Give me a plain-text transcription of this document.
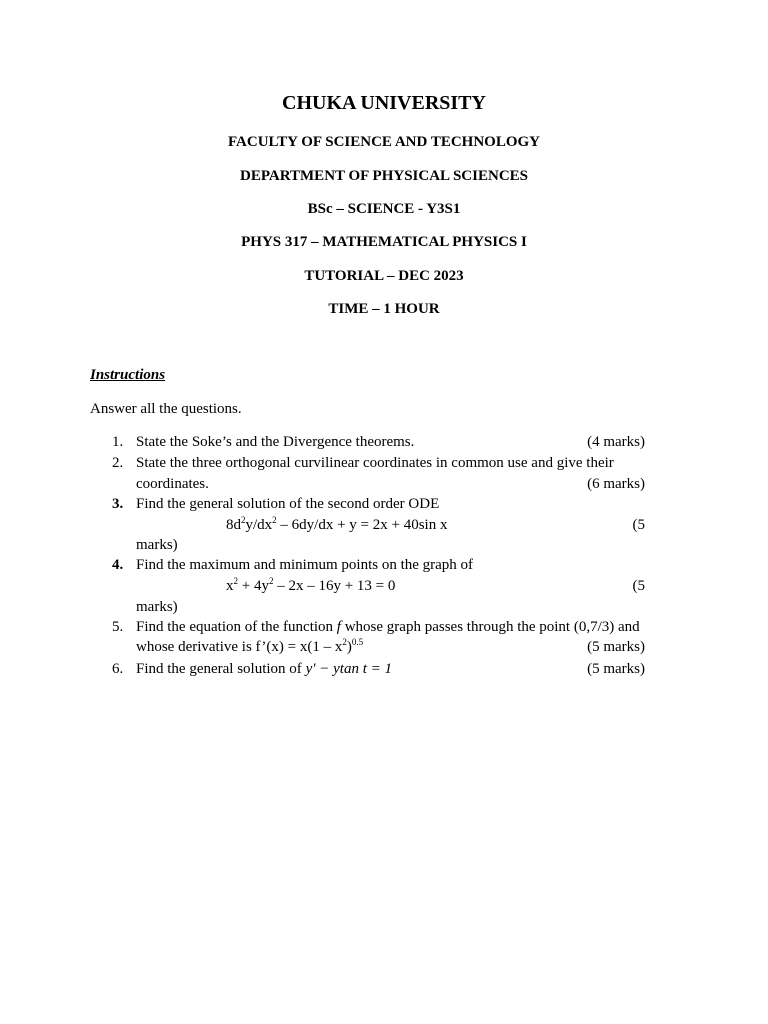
CHUKA UNIVERSITY
FACULTY OF SCIENCE AND TECHNOLOGY
DEPARTMENT OF PHYSICAL SCIENCES
BSc – SCIENCE - Y3S1
PHYS 317 – MATHEMATICAL PHYSICS I
TUTORIAL – DEC 2023
TIME – 1 HOUR
Instructions
Answer all the questions.
1. State the Soke’s and the Divergence theorems.	(4 marks)
2. State the three orthogonal curvilinear coordinates in common use and give their
coordinates.	(6 marks)
3. Find the general solution of the second order ODE
$8d^2y/dx^2 - 6dy/dx + y = 2x + 40\sin$ x	(5
marks)
4. Find the maximum and minimum points on the graph of
$x^2 + 4y^2 - 2x - 16y + 13 = 0$	(5
marks)
5. Find the equation of the function f whose graph passes through the point (0,7/3) and
whose derivative is f’(x) = $x(1 - x^2)^{0.5}$	(5 marks)
6. Find the general solution of y′ − ytan t = 1	(5 marks)
